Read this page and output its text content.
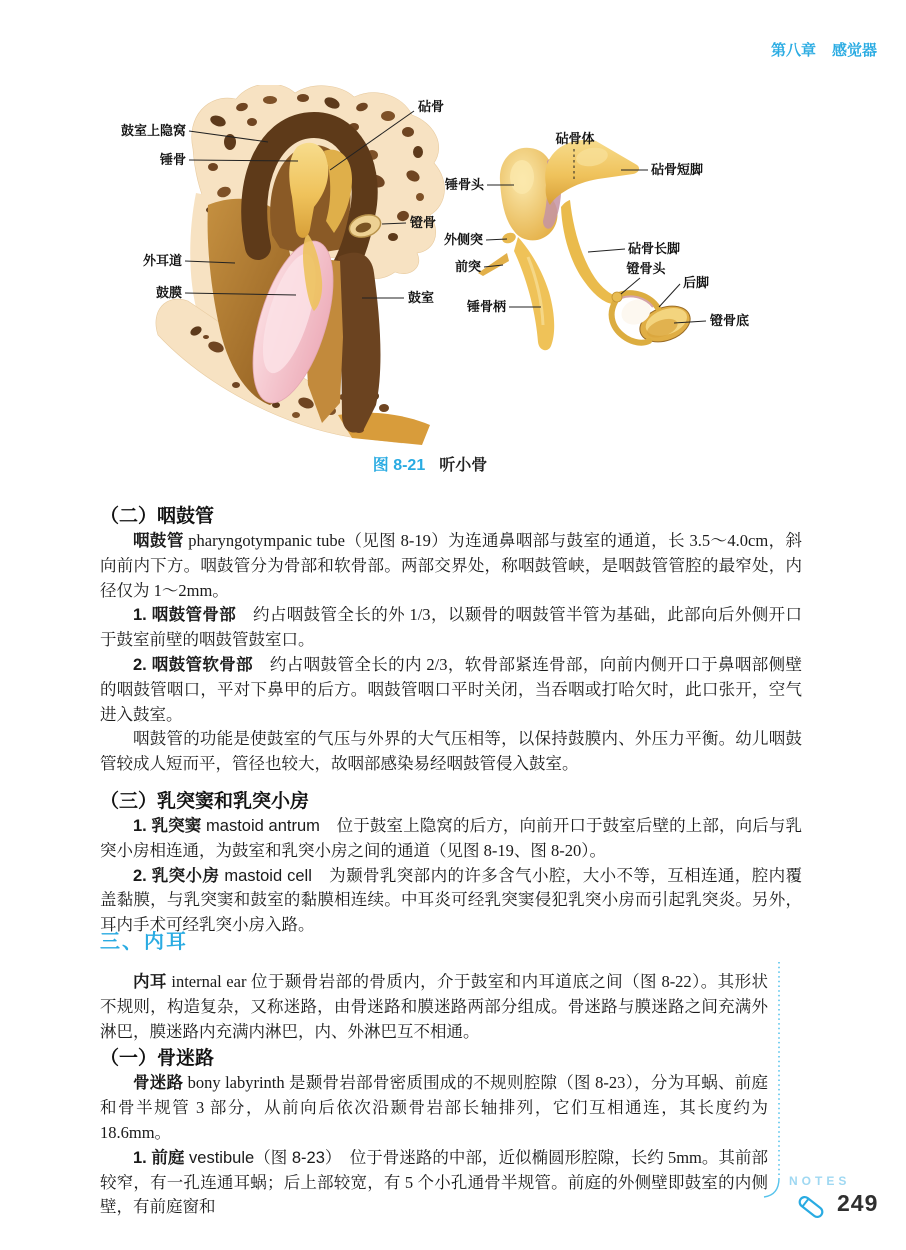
第八章 感觉器
鼓室上隐窝
锤骨
外耳道
鼓膜
砧骨
镫骨
鼓室
砧骨体
锤骨头
砧骨短脚
外侧突
砧骨长脚
前突	镫骨头
后脚
锤骨柄
镫骨底
图 8-21 听小骨
（二）咽鼓管

咽鼓管 pharyngotympanic tube（见图 8-19）为连通鼻咽部与鼓室的通道，长 3.5～4.0cm，斜向前内下方。咽鼓管分为骨部和软骨部。两部交界处，称咽鼓管峡，是咽鼓管管腔的最窄处，内径仅为 1～2mm。

1. 咽鼓管骨部　约占咽鼓管全长的外 1/3，以颞骨的咽鼓管半管为基础，此部向后外侧开口于鼓室前壁的咽鼓管鼓室口。

2. 咽鼓管软骨部　约占咽鼓管全长的内 2/3，软骨部紧连骨部，向前内侧开口于鼻咽部侧壁的咽鼓管咽口，平对下鼻甲的后方。咽鼓管咽口平时关闭，当吞咽或打哈欠时，此口张开，空气进入鼓室。

咽鼓管的功能是使鼓室的气压与外界的大气压相等，以保持鼓膜内、外压力平衡。幼儿咽鼓管较成人短而平，管径也较大，故咽部感染易经咽鼓管侵入鼓室。

（三）乳突窦和乳突小房

1. 乳突窦 mastoid antrum　位于鼓室上隐窝的后方，向前开口于鼓室后壁的上部，向后与乳突小房相连通，为鼓室和乳突小房之间的通道（见图 8-19、图 8-20）。

2. 乳突小房 mastoid cell　为颞骨乳突部内的许多含气小腔，大小不等，互相连通，腔内覆盖黏膜，与乳突窦和鼓室的黏膜相连续。中耳炎可经乳突窦侵犯乳突小房而引起乳突炎。另外，耳内手术可经乳突小房入路。

三、内耳

内耳 internal ear 位于颞骨岩部的骨质内，介于鼓室和内耳道底之间（图 8-22）。其形状不规则，构造复杂，又称迷路，由骨迷路和膜迷路两部分组成。骨迷路与膜迷路之间充满外淋巴，膜迷路内充满内淋巴，内、外淋巴互不相通。

（一）骨迷路

骨迷路 bony labyrinth 是颞骨岩部骨密质围成的不规则腔隙（图 8-23），分为耳蜗、前庭和骨半规管 3 部分，从前向后依次沿颞骨岩部长轴排列，它们互相通连，其长度约为 18.6mm。

1. 前庭 vestibule（图 8-23）　位于骨迷路的中部，近似椭圆形腔隙，长约 5mm。其前部较窄，有一孔连通耳蜗；后上部较宽，有 5 个小孔通骨半规管。前庭的外侧壁即鼓室的内侧壁，有前庭窗和

NOTES
249
